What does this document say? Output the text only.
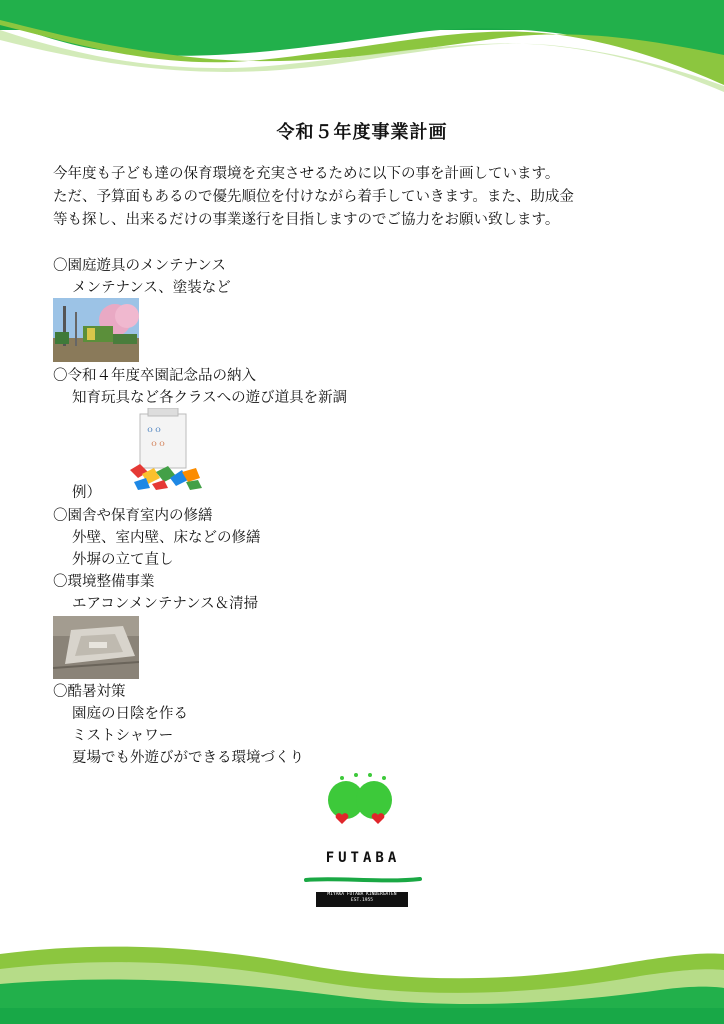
令和５年度事業計画
今年度も子ども達の保育環境を充実させるために以下の事を計画しています。
ただ、予算面もあるので優先順位を付けながら着手していきます。また、助成金
等も探し、出来るだけの事業遂行を目指しますのでご協力をお願い致します。
〇園庭遊具のメンテナンス
メンテナンス、塗装など
〇令和４年度卒園記念品の納入
知育玩具など各クラスへの遊び道具を新調
ｏｏ
ｏｏ
例）
〇園舎や保育室内の修繕
外壁、室内壁、床などの修繕
外塀の立て直し
〇環境整備事業
エアコンメンテナンス＆清掃
〇酷暑対策
園庭の日陰を作る
ミストシャワー
夏場でも外遊びができる環境づくり
FUTABA
MIYAKA FUTABA KINDERGATEN
EST.1955
